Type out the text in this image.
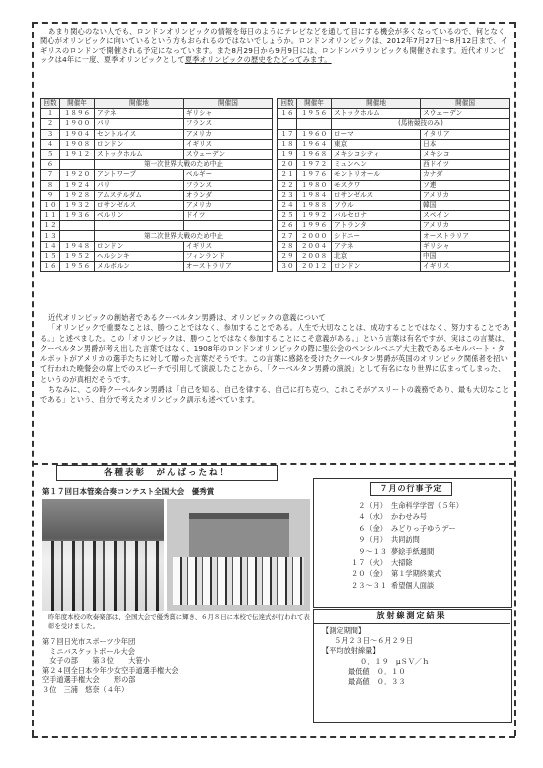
あまり関心のない人でも、ロンドンオリンピックの情報を毎日のようにテレビなどを通して目にする機会が多くなっているので、何となく関心がオリンピックに向いているという方もおられるのではないでしょうか。ロンドンオリンピックは、2012年7月27日～8月12日まで、イギリスのロンドンで開催される予定になっています。また8月29日から9月9日には、ロンドンパラリンピックも開催されます。近代オリンピックは4年に一度、夏季オリンピックとして夏季オリンピックの歴史をたどってみます。

回数	開催年	開催地	開催国
１	１８９６	アテネ	ギリシャ
２	１９００	パリ	フランス
３	１９０４	セントルイス	アメリカ
４	１９０８	ロンドン	イギリス
５	１９１２	ストックホルム	スウェーデン
６		第一次世界大戦のため中止	
７	１９２０	アントワープ	ベルギー
８	１９２４	パリ	フランス
９	１９２８	アムステルダム	オランダ
１０	１９３２	ロサンゼルス	アメリカ
１１	１９３６	ベルリン	ドイツ
１２			
１３		第二次世界大戦のため中止	
１４	１９４８	ロンドン	イギリス
１５	１９５２	ヘルシンキ	フィンランド
１６	１９５６	メルボルン	オーストラリア
回数	開催年	開催地	開催国
１６	１９５６	ストックホルム	スウェーデン
		(馬術競技のみ)	
１７	１９６０	ローマ	イタリア
１８	１９６４	東京	日本
１９	１９６８	メキシコシティ	メキシコ
２０	１９７２	ミュンヘン	西ドイツ
２１	１９７６	モントリオール	カナダ
２２	１９８０	モスクワ	ソ連
２３	１９８４	ロサンゼルス	アメリカ
２４	１９８８	ソウル	韓国
２５	１９９２	バルセロナ	スペイン
２６	１９９６	アトランタ	アメリカ
２７	２０００	シドニー	オーストラリア
２８	２００４	アテネ	ギリシャ
２９	２００８	北京	中国
３０	２０１２	ロンドン	イギリス

近代オリンピックの創始者であるクーベルタン男爵は、オリンピックの意義について

「オリンピックで重要なことは、勝つことではなく、参加することである。人生で大切なことは、成功することではなく、努力することである。」と述べました。この「オリンピックは、勝つことではなく参加することにこそ意義がある。」という言葉は有名ですが、実はこの言葉は、クーベルタン男爵が考え出した言葉ではなく、1908年のロンドンオリンピックの際に聖公会のペンシルベニア大主教であるエセルバート・タルボットがアメリカの選手たちに対して贈った言葉だそうです。この言葉に感銘を受けたクーベルタン男爵が英国のオリンピック関係者を招いて行われた晩餐会の席上でのスピーチで引用して演説したことから、「クーベルタン男爵の演説」として有名になり世界に広まってしまった、というのが真相だそうです。

ちなみに、この時クーベルタン男爵は「自己を知る、自己を律する、自己に打ち克つ、これこそがアスリートの義務であり、最も大切なことである」という、自分で考えたオリンピック訓示も述べています。

各種表彰　がんばったね！
第１７回日本管楽合奏コンテスト全国大会　優秀賞
昨年度本校の吹奏楽部は、全国大会で優秀賞に輝き、６月８日に本校で伝達式が行われて表彰を受けました。
第７回日光市スポーツ少年団
　ミニバスケットボール大会
　女子の部　　第３位　　大笹小
第２４回全日本少年少女空手道選手権大会
空手道選手権大会　　形の部
３位　三浦　悠奈（４年）
７月の行事予定
２（月） 生命科学学習（５年）
４（水） かわせみ号
６（金） みどりっ子ゆうデー
９（月） 共同訪問
９～１３ 夢絵手紙週間
１７（火） 大掃除
２０（金） 第１学期終業式
２３～３１ 希望個人面談
放射線測定結果
【測定期間】
５月２３日～６月２９日
【平均放射線量】
０．１９　μＳＶ／ｈ
最低値　 ０．１０
最高値　 ０．３３
